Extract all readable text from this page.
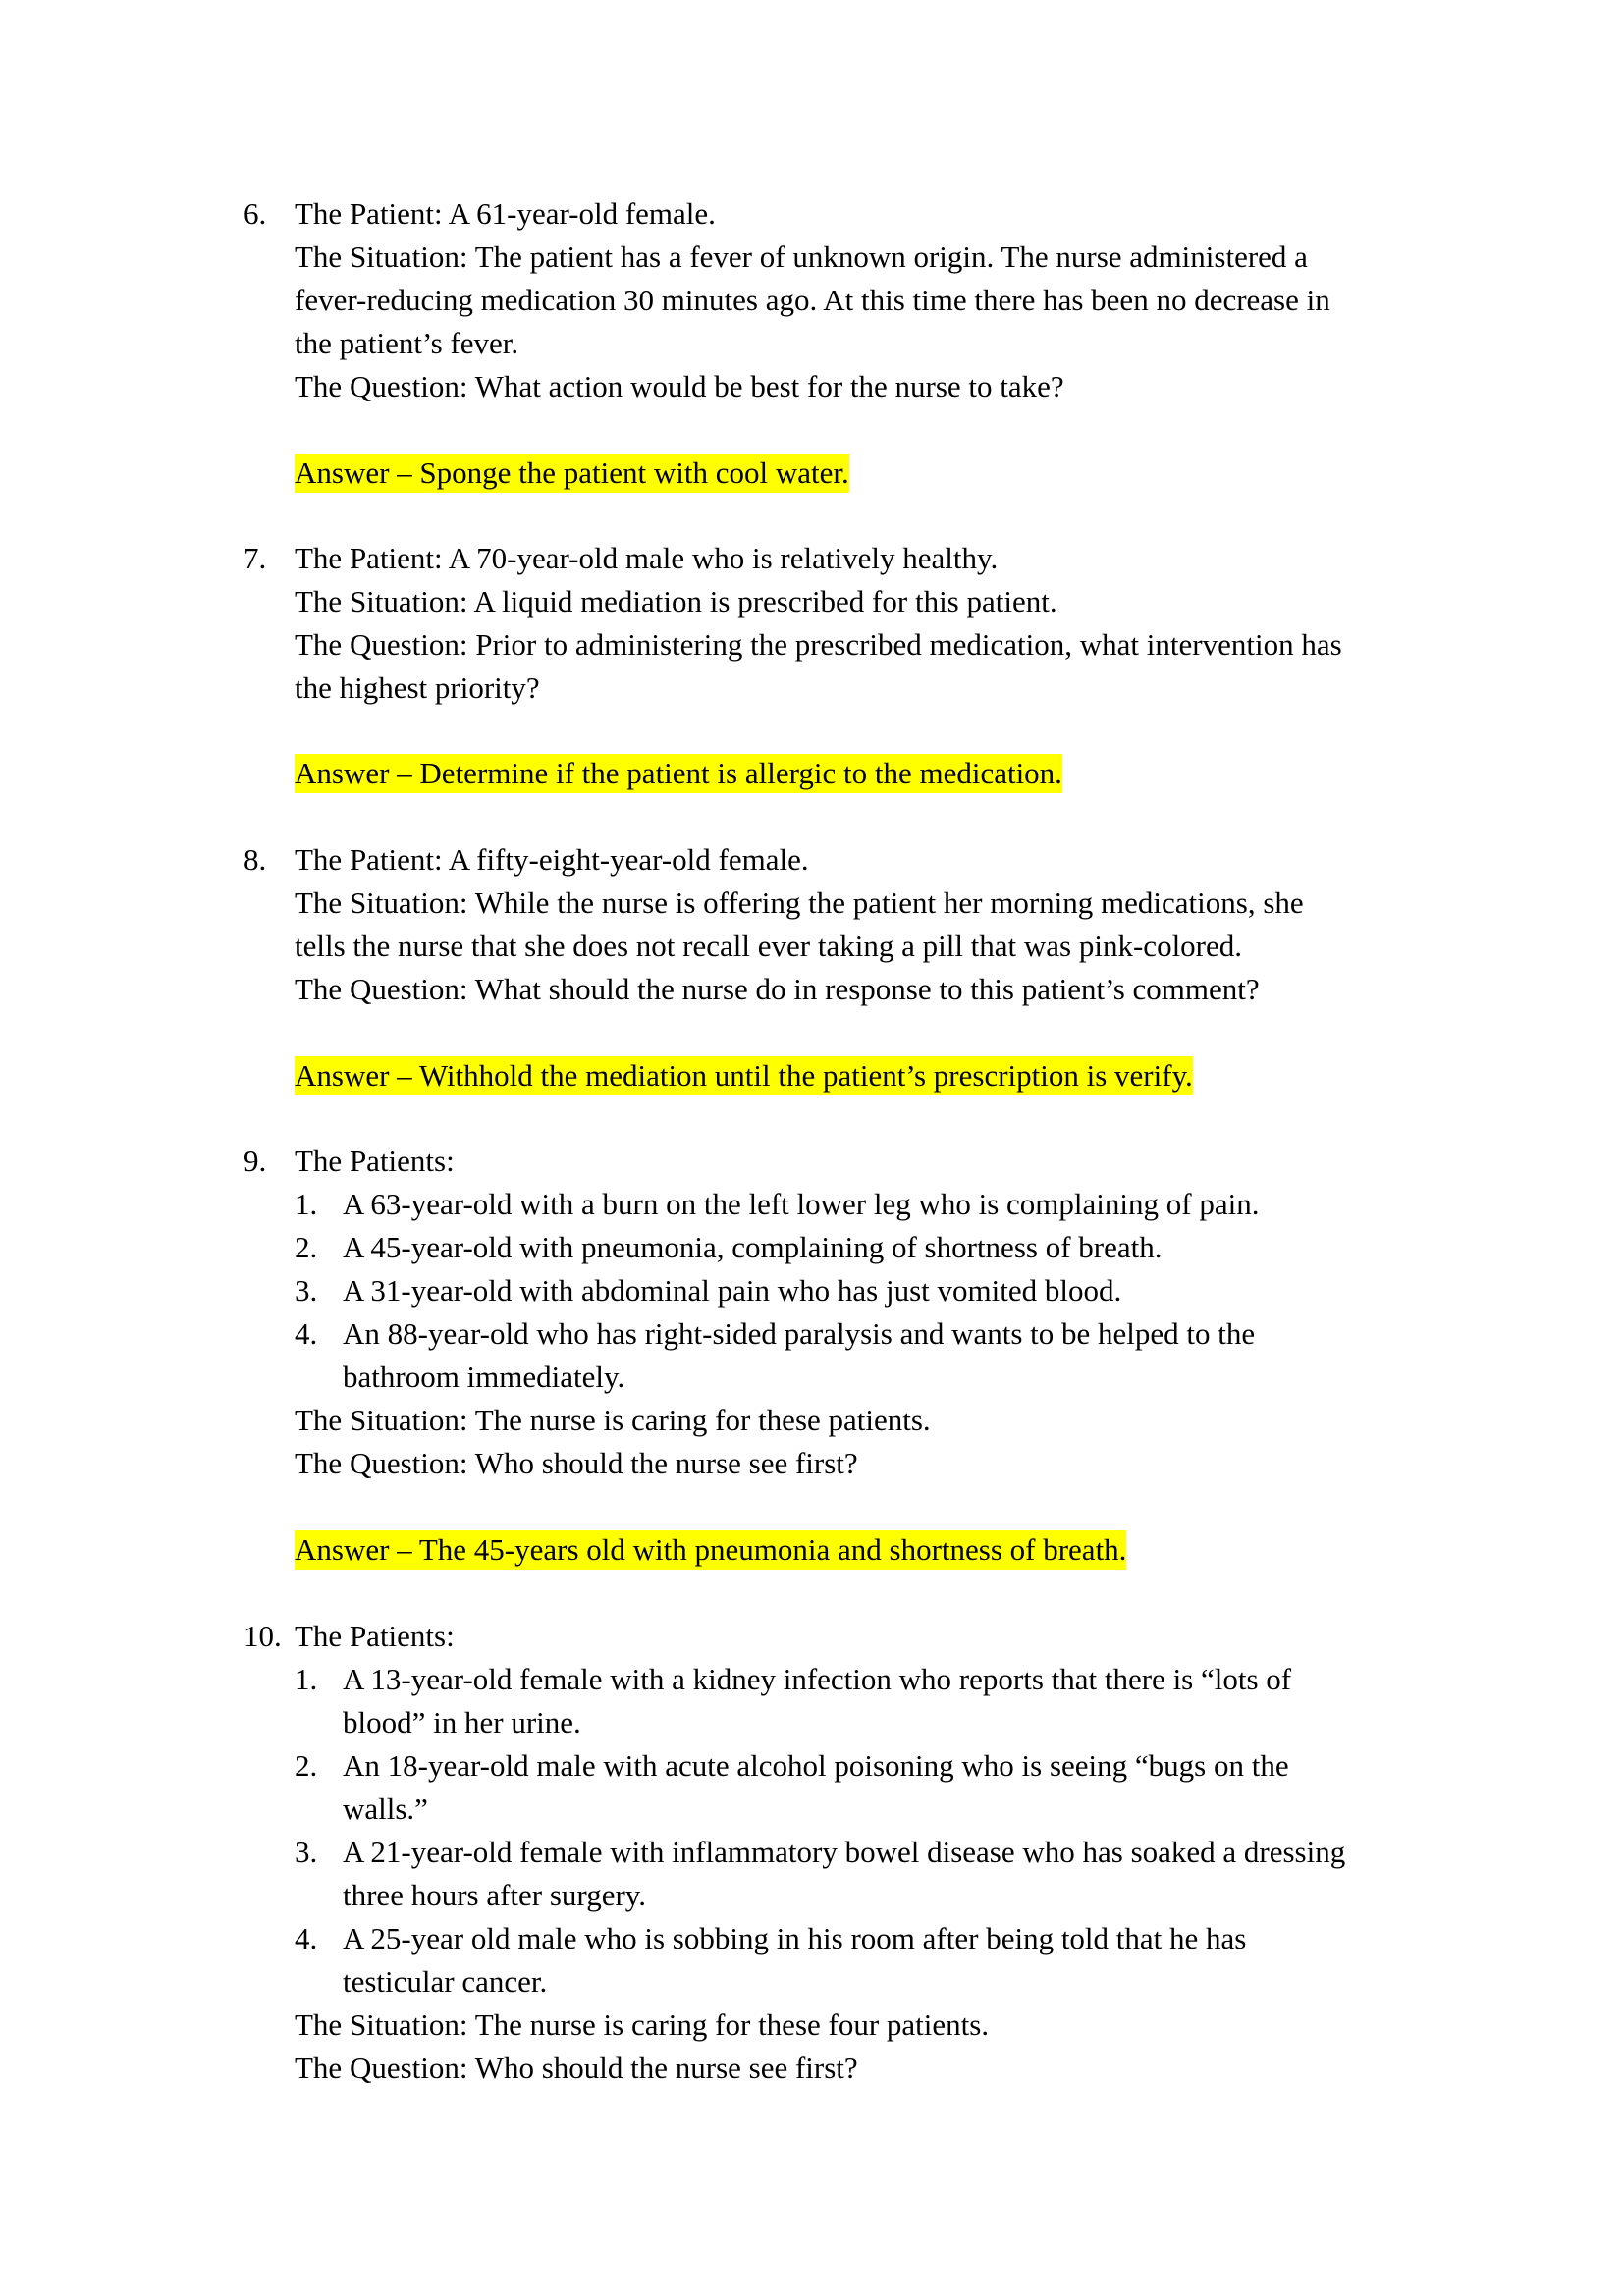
6. The Patient: A 61-year-old female.
The Situation: The patient has a fever of unknown origin. The nurse administered a
fever-reducing medication 30 minutes ago. At this time there has been no decrease in
the patient’s fever.
The Question: What action would be best for the nurse to take?
Answer – Sponge the patient with cool water.
7. The Patient: A 70-year-old male who is relatively healthy.
The Situation: A liquid mediation is prescribed for this patient.
The Question: Prior to administering the prescribed medication, what intervention has
the highest priority?
Answer – Determine if the patient is allergic to the medication.
8. The Patient: A fifty-eight-year-old female.
The Situation: While the nurse is offering the patient her morning medications, she
tells the nurse that she does not recall ever taking a pill that was pink-colored.
The Question: What should the nurse do in response to this patient’s comment?
Answer – Withhold the mediation until the patient’s prescription is verify.
9. The Patients:
1. A 63-year-old with a burn on the left lower leg who is complaining of pain.
2. A 45-year-old with pneumonia, complaining of shortness of breath.
3. A 31-year-old with abdominal pain who has just vomited blood.
4. An 88-year-old who has right-sided paralysis and wants to be helped to the
bathroom immediately.
The Situation: The nurse is caring for these patients.
The Question: Who should the nurse see first?
Answer – The 45-years old with pneumonia and shortness of breath.
10. The Patients:
1. A 13-year-old female with a kidney infection who reports that there is “lots of
blood” in her urine.
2. An 18-year-old male with acute alcohol poisoning who is seeing “bugs on the
walls.”
3. A 21-year-old female with inflammatory bowel disease who has soaked a dressing
three hours after surgery.
4. A 25-year old male who is sobbing in his room after being told that he has
testicular cancer.
The Situation: The nurse is caring for these four patients.
The Question: Who should the nurse see first?
